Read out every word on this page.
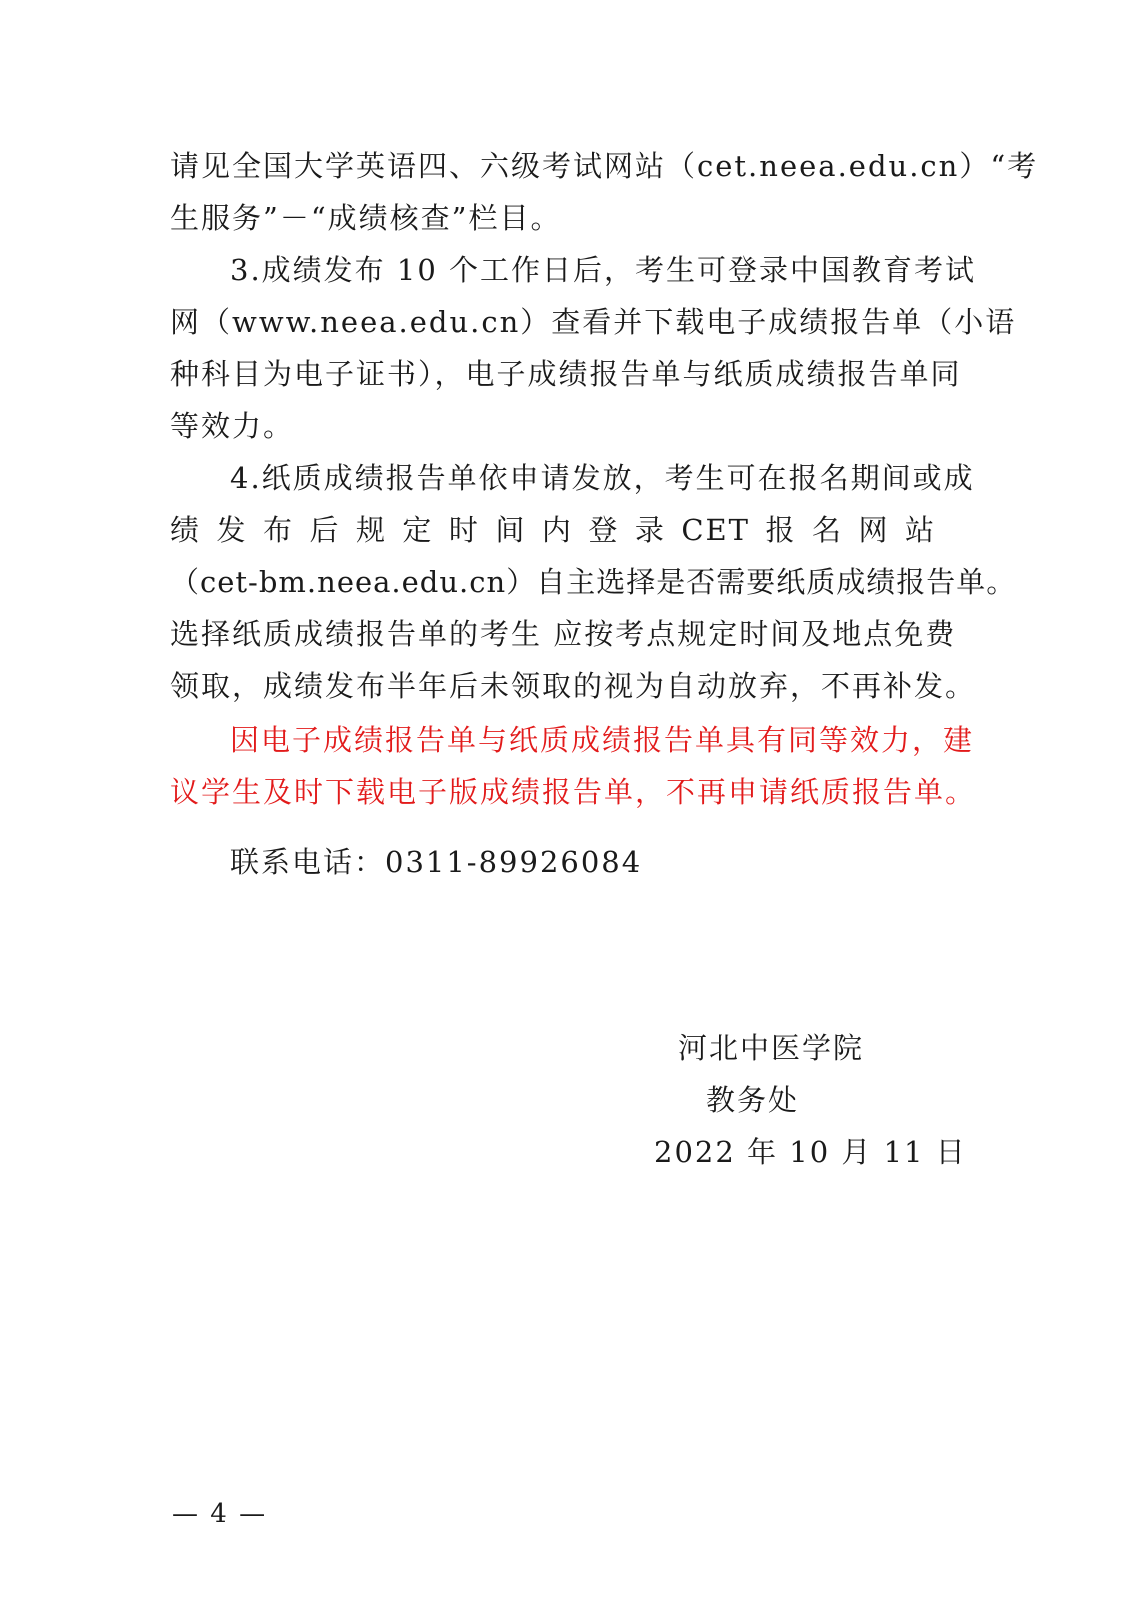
请见全国大学英语四、六级考试网站（cet.neea.edu.cn）“考
生服务”－“成绩核查”栏目。
3.成绩发布 10 个工作日后，考生可登录中国教育考试
网（www.neea.edu.cn）查看并下载电子成绩报告单（小语
种科目为电子证书），电子成绩报告单与纸质成绩报告单同
等效力。
4.纸质成绩报告单依申请发放，考生可在报名期间或成
绩 发 布 后 规 定 时 间 内 登 录 CET 报 名 网 站
（cet-bm.neea.edu.cn）自主选择是否需要纸质成绩报告单。
选择纸质成绩报告单的考生 应按考点规定时间及地点免费
领取，成绩发布半年后未领取的视为自动放弃，不再补发。
因电子成绩报告单与纸质成绩报告单具有同等效力，建
议学生及时下载电子版成绩报告单，不再申请纸质报告单。
联系电话：0311-89926084
河北中医学院
教务处
2022 年 10 月 11 日
— 4 —
